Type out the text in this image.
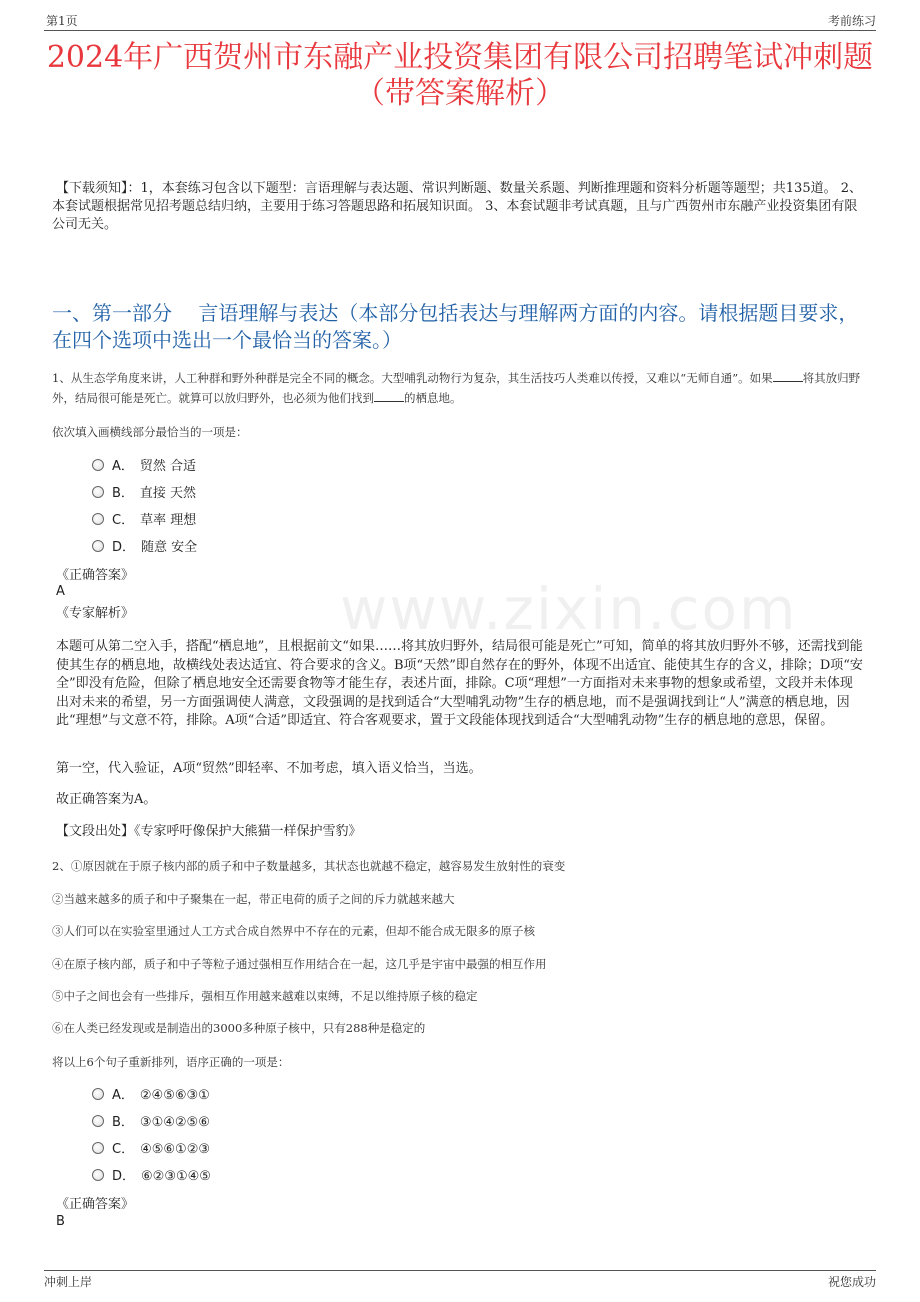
第1页	考前练习
2024年广西贺州市东融产业投资集团有限公司招聘笔试冲刺题（带答案解析）
【下载须知】：1，本套练习包含以下题型：言语理解与表达题、常识判断题、数量关系题、判断推理题和资料分析题等题型；共135道。 2、本套试题根据常见招考题总结归纳，主要用于练习答题思路和拓展知识面。 3、本套试题非考试真题，且与广西贺州市东融产业投资集团有限公司无关。
一、第一部分　 言语理解与表达（本部分包括表达与理解两方面的内容。请根据题目要求，在四个选项中选出一个最恰当的答案。）
1、从生态学角度来讲，人工种群和野外种群是完全不同的概念。大型哺乳动物行为复杂，其生活技巧人类难以传授，又难以“无师自通”。如果	将其放归野外，结局很可能是死亡。就算可以放归野外，也必须为他们找到	的栖息地。
依次填入画横线部分最恰当的一项是：
A． 贸然 合适
B． 直接 天然
C． 草率 理想
D． 随意 安全
《正确答案》
A
《专家解析》	www.zixin.com
本题可从第二空入手，搭配“栖息地”，且根据前文“如果……将其放归野外，结局很可能是死亡”可知，简单的将其放归野外不够，还需找到能使其生存的栖息地，故横线处表达适宜、符合要求的含义。B项“天然”即自然存在的野外，体现不出适宜、能使其生存的含义，排除；D项“安全”即没有危险，但除了栖息地安全还需要食物等才能生存，表述片面，排除。C项“理想”一方面指对未来事物的想象或希望，文段并未体现出对未来的希望，另一方面强调使人满意，文段强调的是找到适合“大型哺乳动物”生存的栖息地，而不是强调找到让“人”满意的栖息地，因此“理想”与文意不符，排除。A项“合适”即适宜、符合客观要求，置于文段能体现找到适合“大型哺乳动物”生存的栖息地的意思，保留。
第一空，代入验证，A项“贸然”即轻率、不加考虑，填入语义恰当，当选。
故正确答案为A。
【文段出处】《专家呼吁像保护大熊猫一样保护雪豹》
2、①原因就在于原子核内部的质子和中子数量越多，其状态也就越不稳定，越容易发生放射性的衰变
②当越来越多的质子和中子聚集在一起，带正电荷的质子之间的斥力就越来越大
③人们可以在实验室里通过人工方式合成自然界中不存在的元素，但却不能合成无限多的原子核
④在原子核内部，质子和中子等粒子通过强相互作用结合在一起，这几乎是宇宙中最强的相互作用
⑤中子之间也会有一些排斥，强相互作用越来越难以束缚，不足以维持原子核的稳定
⑥在人类已经发现或是制造出的3000多种原子核中，只有288种是稳定的
将以上6个句子重新排列，语序正确的一项是：
A． ②④⑤⑥③①
B． ③①④②⑤⑥
C． ④⑤⑥①②③
D． ⑥②③①④⑤
《正确答案》
B
冲刺上岸	祝您成功
